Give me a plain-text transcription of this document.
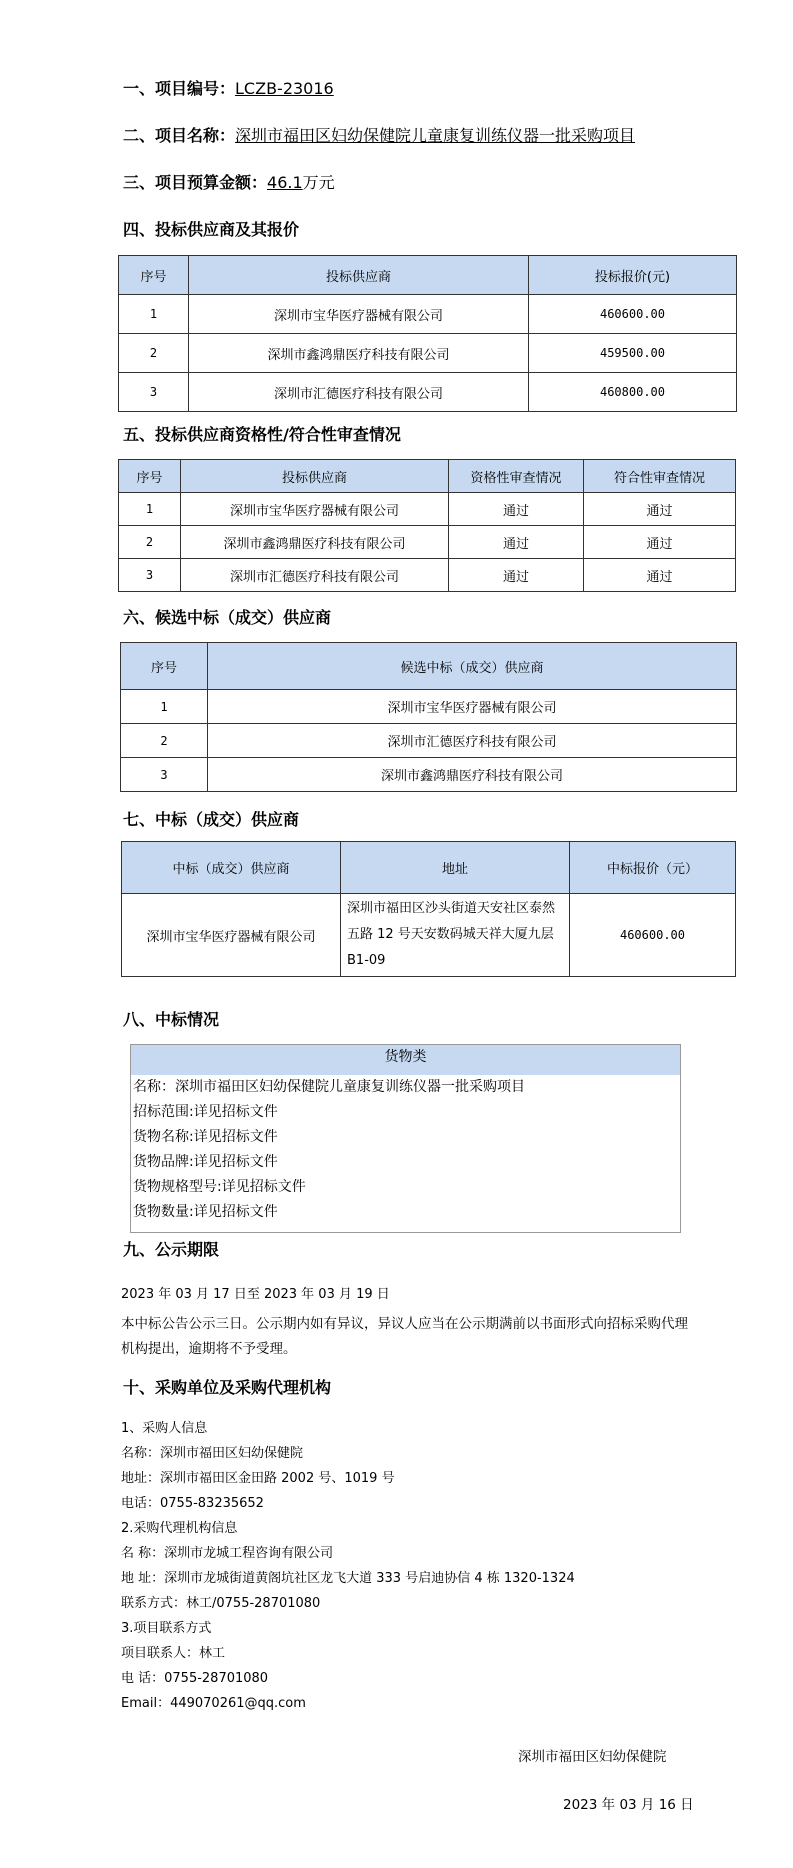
一、项目编号：LCZB-23016
二、项目名称：深圳市福田区妇幼保健院儿童康复训练仪器一批采购项目
三、项目预算金额：46.1万元
四、投标供应商及其报价
序号	投标供应商	投标报价(元)
1	深圳市宝华医疗器械有限公司	460600.00
2	深圳市鑫鸿鼎医疗科技有限公司	459500.00
3	深圳市汇德医疗科技有限公司	460800.00
五、投标供应商资格性/符合性审查情况
序号	投标供应商	资格性审查情况	符合性审查情况
1	深圳市宝华医疗器械有限公司	通过	通过
2	深圳市鑫鸿鼎医疗科技有限公司	通过	通过
3	深圳市汇德医疗科技有限公司	通过	通过
六、候选中标（成交）供应商
序号	候选中标（成交）供应商
1	深圳市宝华医疗器械有限公司
2	深圳市汇德医疗科技有限公司
3	深圳市鑫鸿鼎医疗科技有限公司
七、中标（成交）供应商
中标（成交）供应商	地址	中标报价（元）
深圳市宝华医疗器械有限公司	深圳市福田区沙头街道天安社区泰然五路 12 号天安数码城天祥大厦九层 B1-09	460600.00
八、中标情况
货物类
名称：深圳市福田区妇幼保健院儿童康复训练仪器一批采购项目
招标范围:详见招标文件
货物名称:详见招标文件
货物品牌:详见招标文件
货物规格型号:详见招标文件
货物数量:详见招标文件
九、公示期限
2023 年 03 月 17 日至 2023 年 03 月 19 日
本中标公告公示三日。公示期内如有异议，异议人应当在公示期满前以书面形式向招标采购代理机构提出，逾期将不予受理。
十、采购单位及采购代理机构
1、采购人信息
名称：深圳市福田区妇幼保健院
地址：深圳市福田区金田路 2002 号、1019 号
电话：0755-83235652
2.采购代理机构信息
名 称：深圳市龙城工程咨询有限公司
地 址：深圳市龙城街道黄阁坑社区龙飞大道 333 号启迪协信 4 栋 1320-1324
联系方式：林工/0755-28701080
3.项目联系方式
项目联系人：林工
电 话：0755-28701080
Email：449070261@qq.com
深圳市福田区妇幼保健院
2023 年 03 月 16 日
